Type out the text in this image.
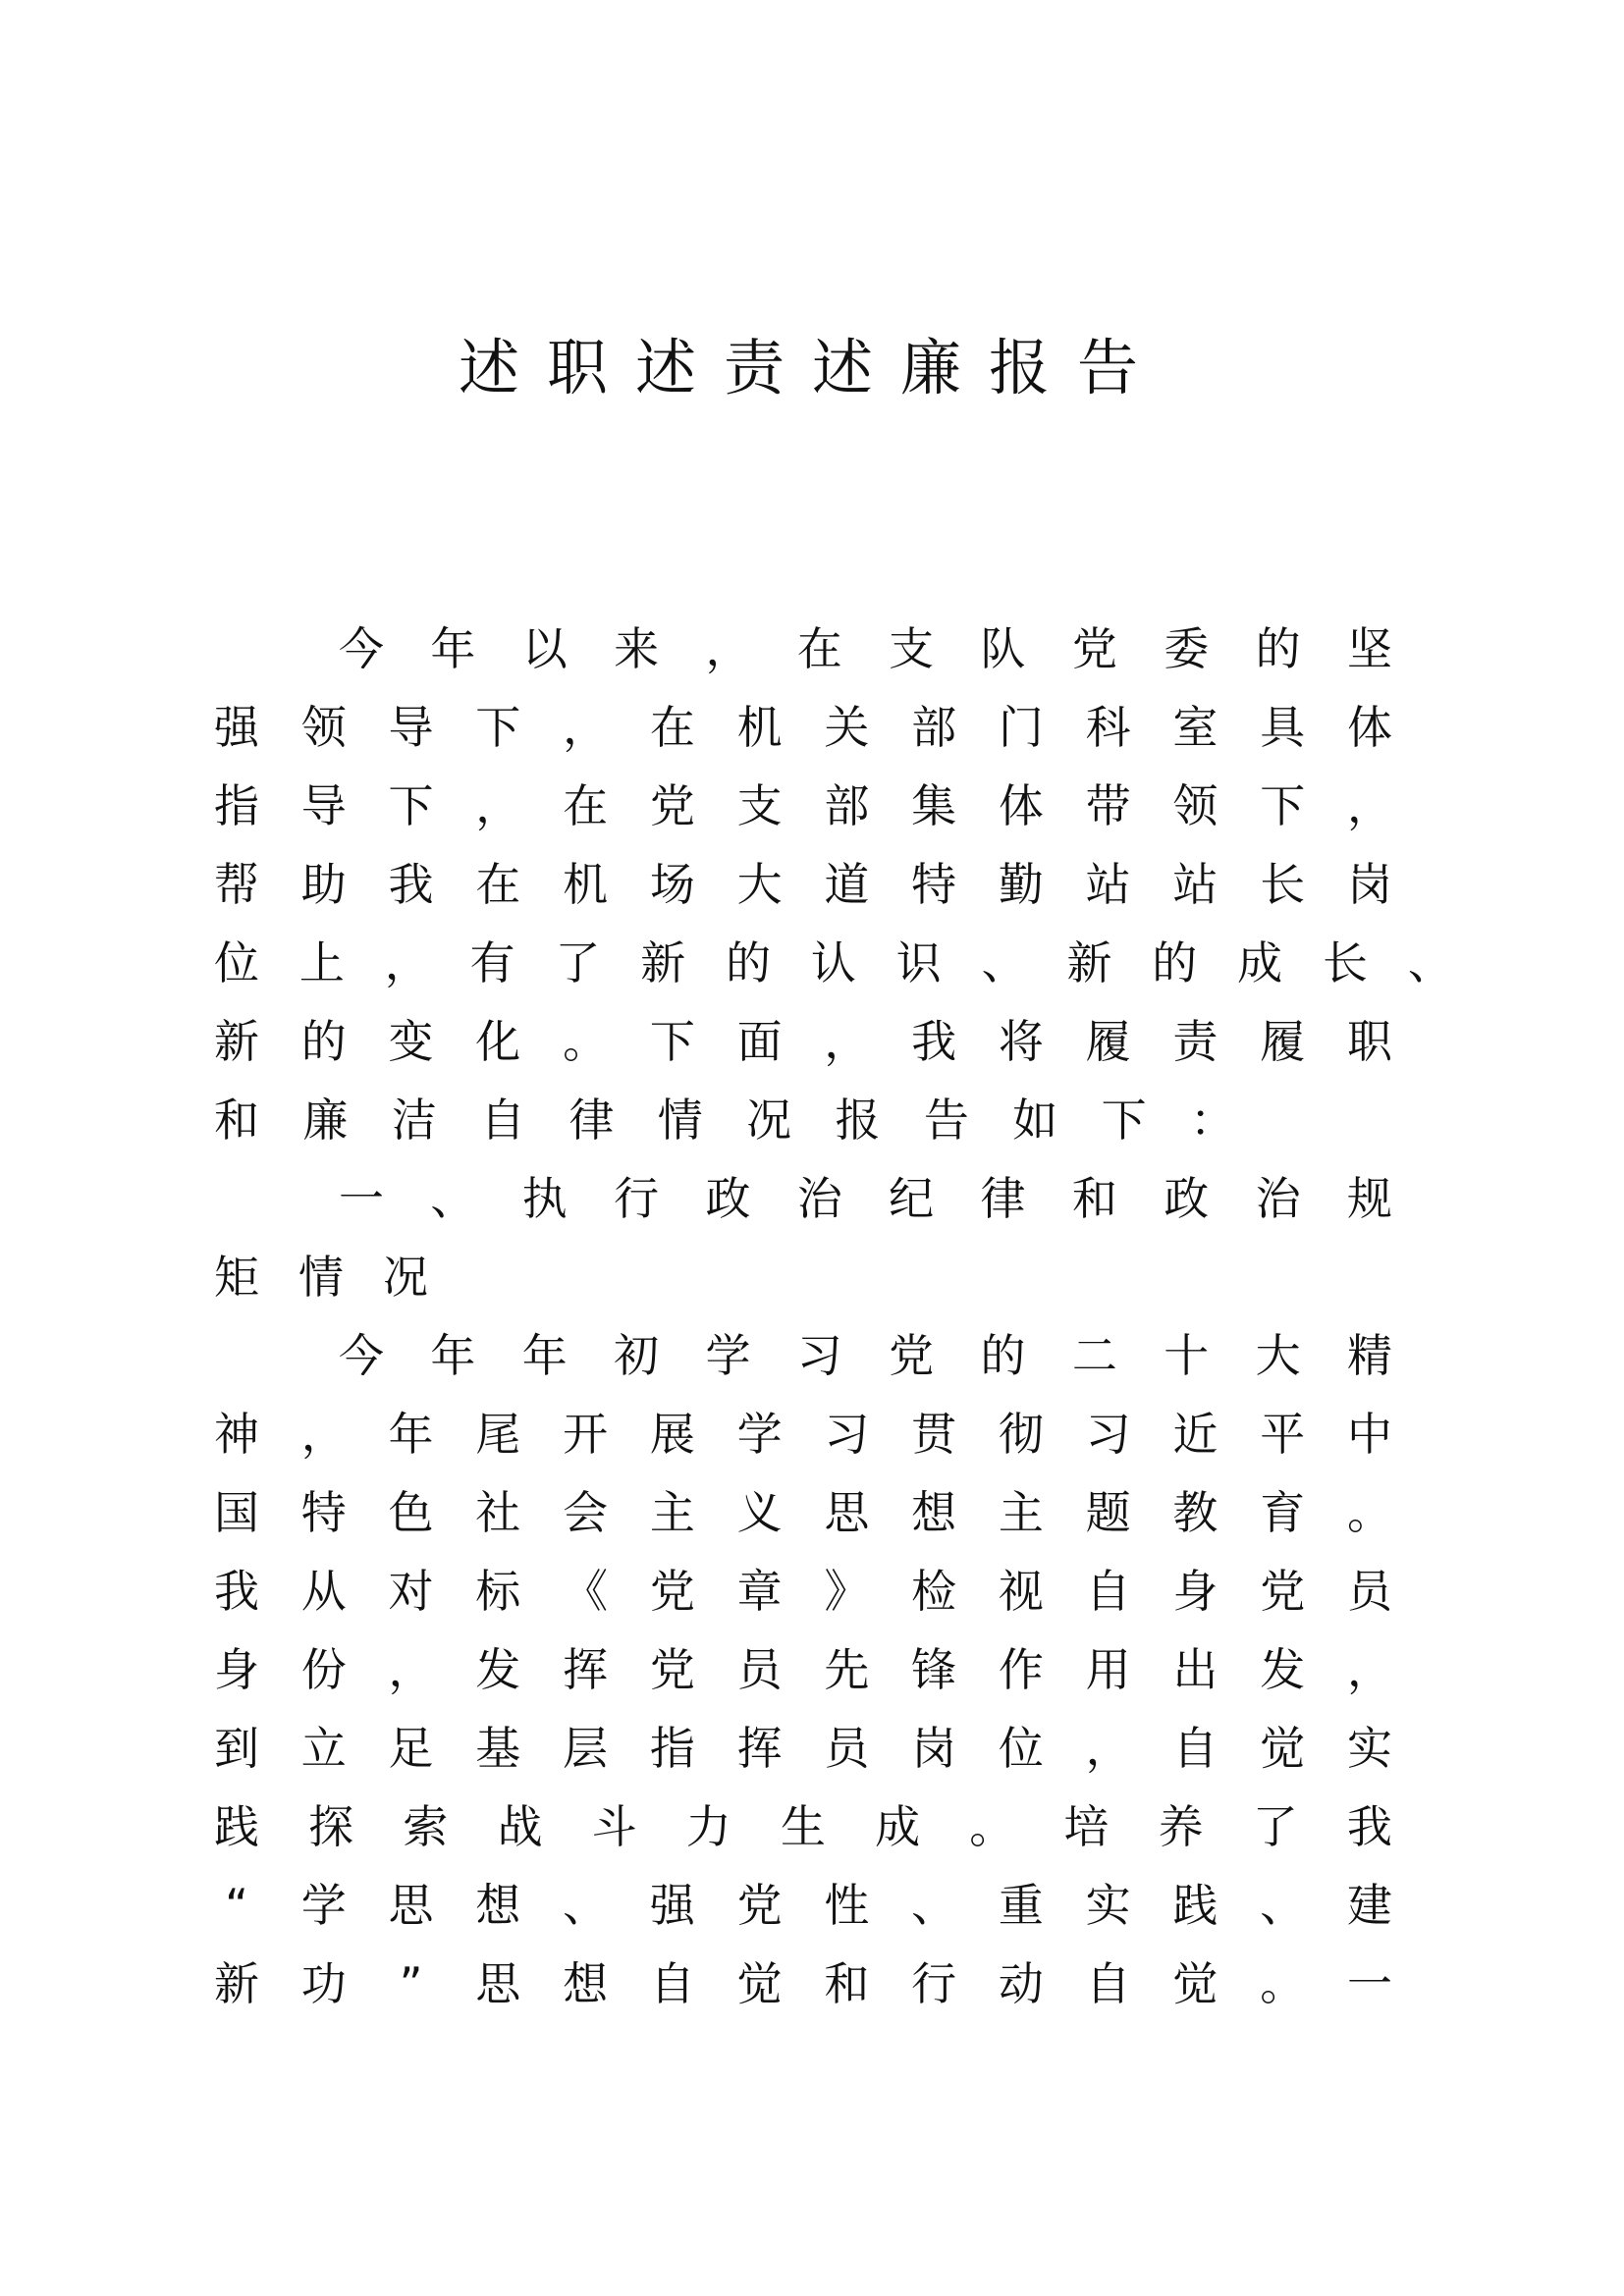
述职述责述廉报告
今 年 以 来 ， 在 支 队 党 委 的 坚
强 领 导 下 ， 在 机 关 部 门 科 室 具 体
指 导 下 ， 在 党 支 部 集 体 带 领 下 ，
帮 助 我 在 机 场 大 道 特 勤 站 站 长 岗
位 上 ， 有 了 新 的 认 识 、 新 的 成 长 、
新 的 变 化 。 下 面 ， 我 将 履 责 履 职
和 廉 洁 自 律 情 况 报 告 如 下 ：
一 、 执 行 政 治 纪 律 和 政 治 规
矩 情 况
今 年 年 初 学 习 党 的 二 十 大 精
神 ， 年 尾 开 展 学 习 贯 彻 习 近 平 中
国 特 色 社 会 主 义 思 想 主 题 教 育 。
我 从 对 标 《 党 章 》 检 视 自 身 党 员
身 份 ， 发 挥 党 员 先 锋 作 用 出 发 ，
到 立 足 基 层 指 挥 员 岗 位 ， 自 觉 实
践 探 索 战 斗 力 生 成 。 培 养 了 我
“ 学 思 想 、 强 党 性 、 重 实 践 、 建
新 功 ” 思 想 自 觉 和 行 动 自 觉 。 一
